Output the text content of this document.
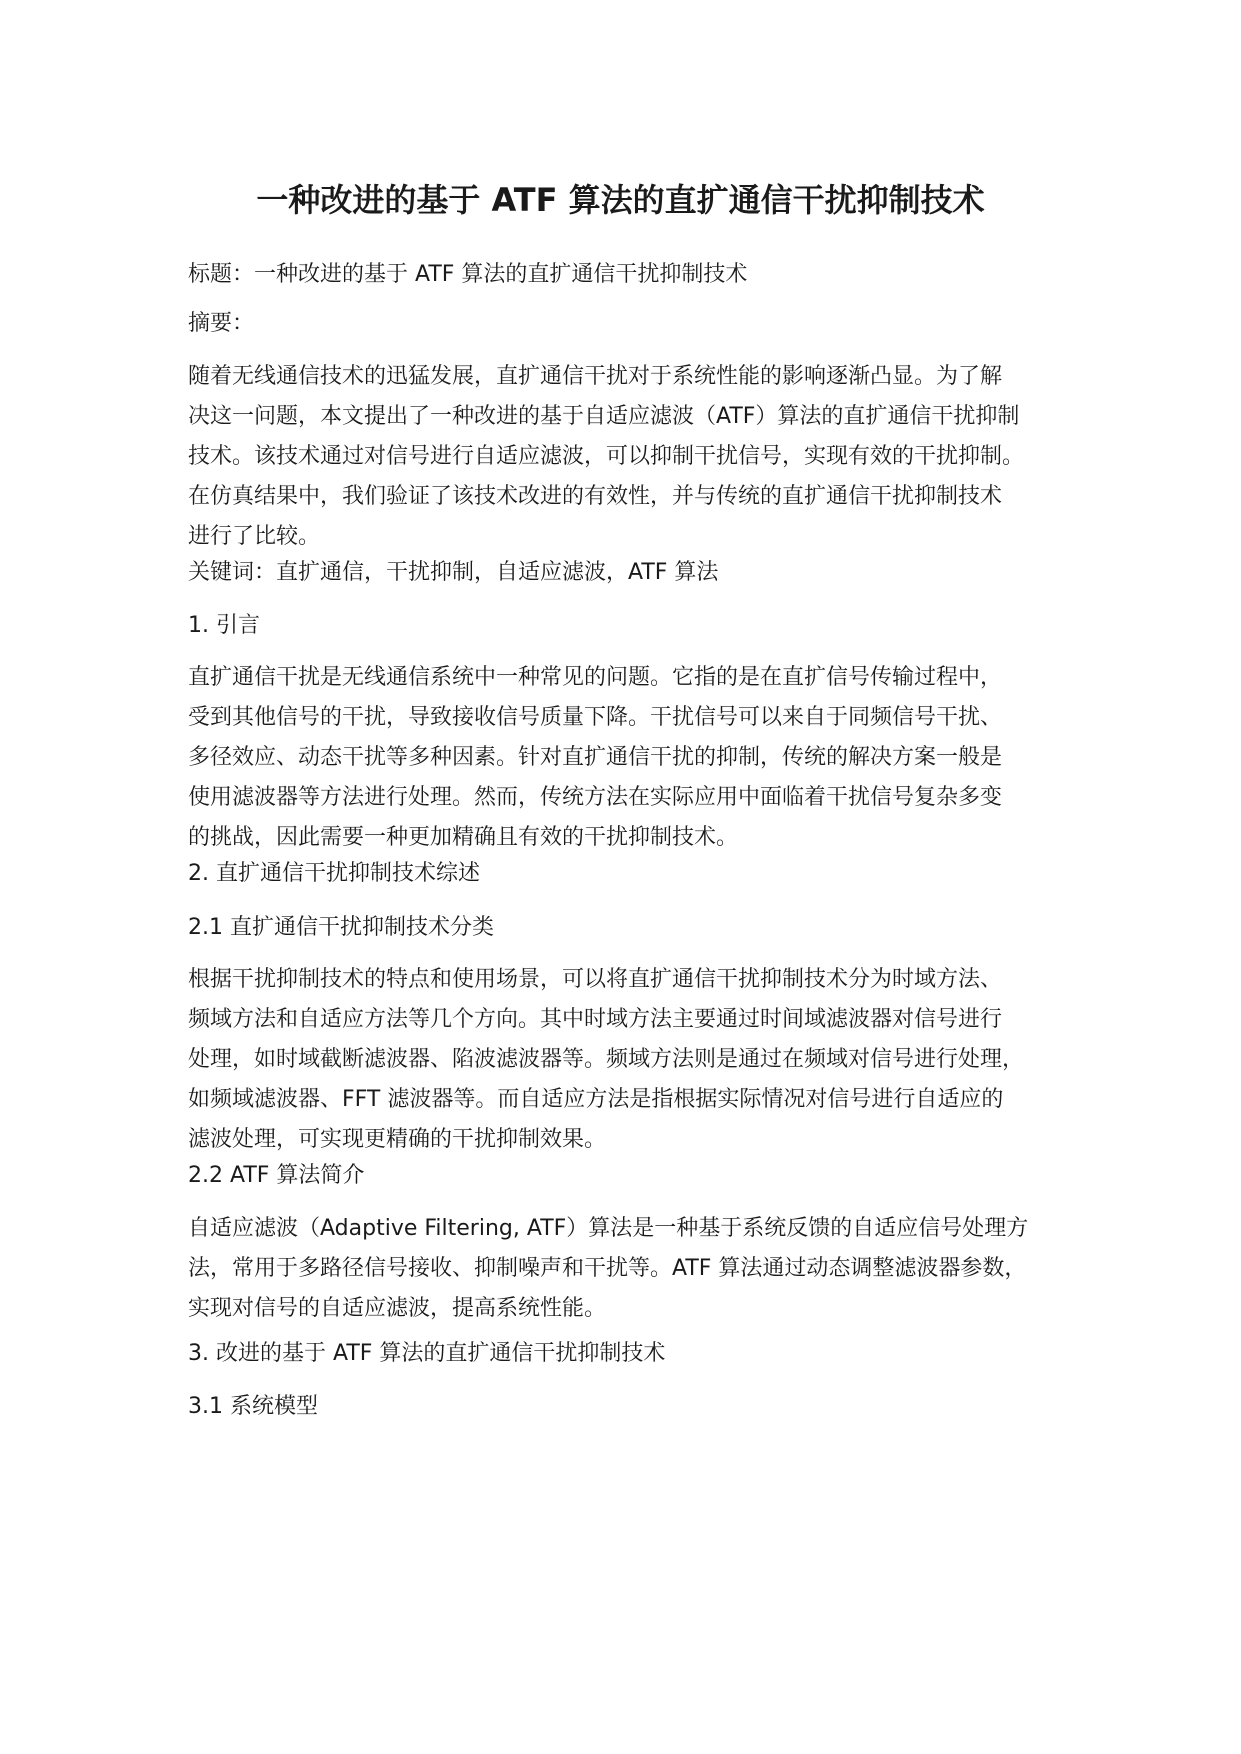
一种改进的基于 ATF 算法的直扩通信干扰抑制技术
标题：一种改进的基于 ATF 算法的直扩通信干扰抑制技术
摘要：
随着无线通信技术的迅猛发展，直扩通信干扰对于系统性能的影响逐渐凸显。为了解
决这一问题，本文提出了一种改进的基于自适应滤波（ATF）算法的直扩通信干扰抑制
技术。该技术通过对信号进行自适应滤波，可以抑制干扰信号，实现有效的干扰抑制。
在仿真结果中，我们验证了该技术改进的有效性，并与传统的直扩通信干扰抑制技术
进行了比较。
关键词：直扩通信，干扰抑制，自适应滤波，ATF 算法
1. 引言
直扩通信干扰是无线通信系统中一种常见的问题。它指的是在直扩信号传输过程中，
受到其他信号的干扰，导致接收信号质量下降。干扰信号可以来自于同频信号干扰、
多径效应、动态干扰等多种因素。针对直扩通信干扰的抑制，传统的解决方案一般是
使用滤波器等方法进行处理。然而，传统方法在实际应用中面临着干扰信号复杂多变
的挑战，因此需要一种更加精确且有效的干扰抑制技术。
2. 直扩通信干扰抑制技术综述
2.1 直扩通信干扰抑制技术分类
根据干扰抑制技术的特点和使用场景，可以将直扩通信干扰抑制技术分为时域方法、
频域方法和自适应方法等几个方向。其中时域方法主要通过时间域滤波器对信号进行
处理，如时域截断滤波器、陷波滤波器等。频域方法则是通过在频域对信号进行处理，
如频域滤波器、FFT 滤波器等。而自适应方法是指根据实际情况对信号进行自适应的
滤波处理，可实现更精确的干扰抑制效果。
2.2 ATF 算法简介
自适应滤波（Adaptive Filtering, ATF）算法是一种基于系统反馈的自适应信号处理方
法，常用于多路径信号接收、抑制噪声和干扰等。ATF 算法通过动态调整滤波器参数，
实现对信号的自适应滤波，提高系统性能。
3. 改进的基于 ATF 算法的直扩通信干扰抑制技术
3.1 系统模型
